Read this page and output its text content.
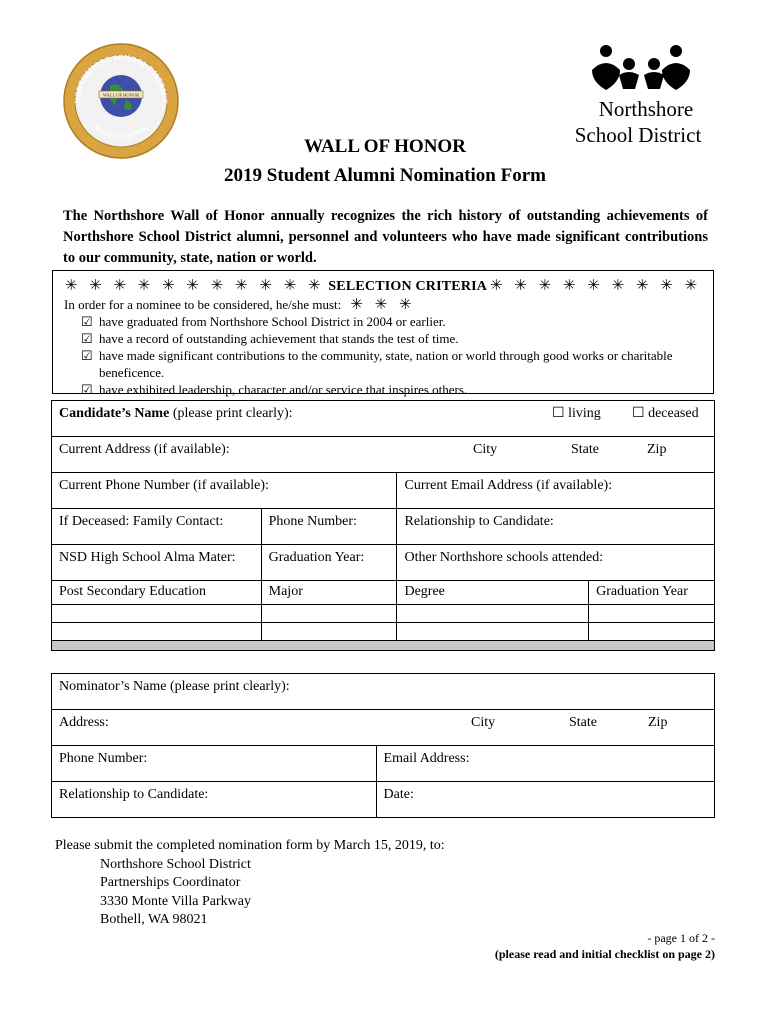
WALL OF HONOR
NORTHSHORE SCHOOL DISTRICT
WALL OF HONOR
Northshore
School District
WALL OF HONOR
2019 Student Alumni Nomination Form
The Northshore Wall of Honor annually recognizes the rich history of outstanding achievements of Northshore School District alumni, personnel and volunteers who have made significant contributions to our community, state, nation or world.
✳ ✳ ✳ ✳ ✳ ✳ ✳ ✳ ✳ ✳ ✳ SELECTION CRITERIA ✳ ✳ ✳ ✳ ✳ ✳ ✳ ✳ ✳ ✳ ✳ ✳
In order for a nominee to be considered, he/she must:
☑ have graduated from Northshore School District in 2004 or earlier.
☑ have a record of outstanding achievement that stands the test of time.
☑ have made significant contributions to the community, state, nation or world through good works or charitable beneficence.
☑ have exhibited leadership, character and/or service that inspires others.
Candidate’s Name (please print clearly): ☐ living ☐ deceased			

Current Address (if available): City State Zip			

Current Phone Number (if available):		Current Email Address (if available):	
If Deceased: Family Contact:	Phone Number:	Relationship to Candidate:	
NSD High School Alma Mater:	Graduation Year:	Other Northshore schools attended:	
Post Secondary Education	Major	Degree	Graduation Year

Nominator’s Name (please print clearly):	

Address: City State Zip	

Phone Number:	Email Address:
Relationship to Candidate:	Date:
Please submit the completed nomination form by March 15, 2019, to:
Northshore School District
Partnerships Coordinator
3330 Monte Villa Parkway
Bothell, WA 98021
- page 1 of 2 -
(please read and initial checklist on page 2)
